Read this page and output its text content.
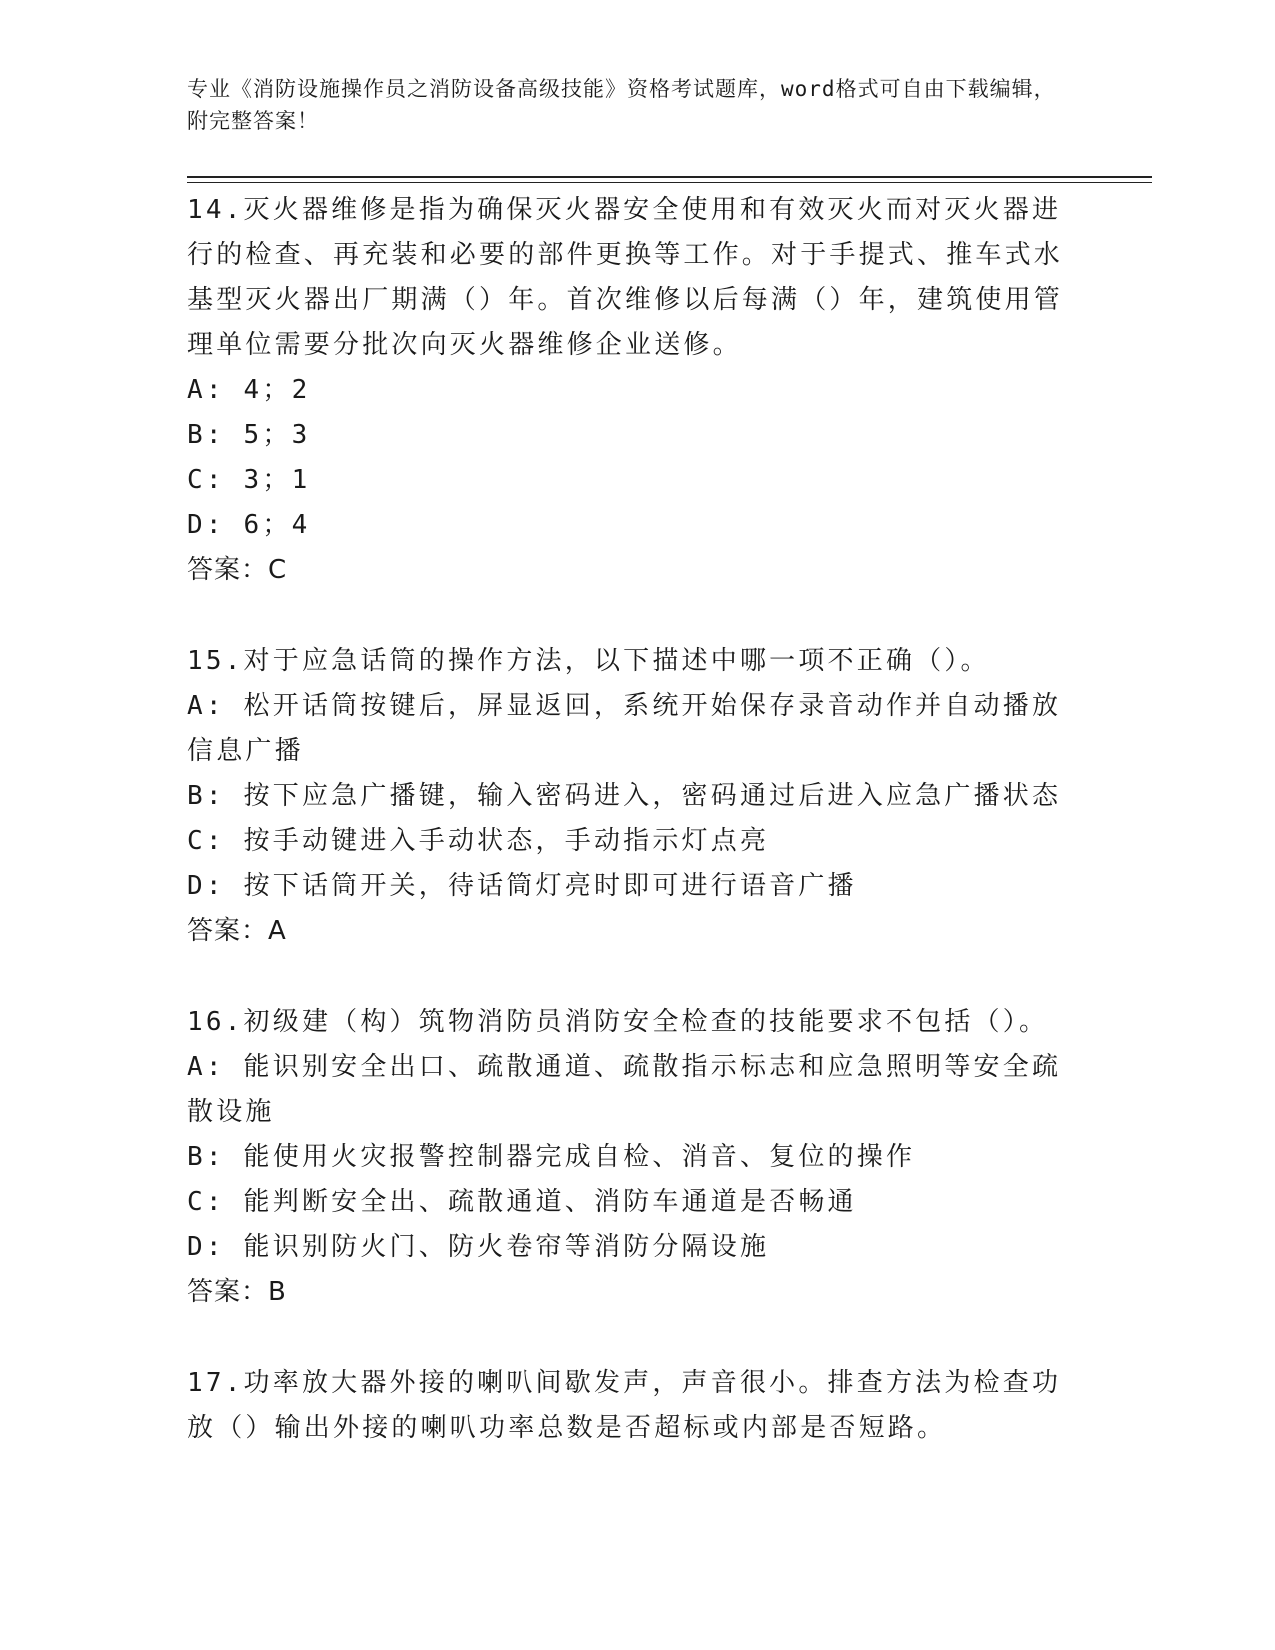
专业《消防设施操作员之消防设备高级技能》资格考试题库，word格式可自由下载编辑，附完整答案！

14.灭火器维修是指为确保灭火器安全使用和有效灭火而对灭火器进行的检查、再充装和必要的部件更换等工作。对于手提式、推车式水基型灭火器出厂期满（）年。首次维修以后每满（）年，建筑使用管理单位需要分批次向灭火器维修企业送修。

A: 4；2

B: 5；3

C: 3；1

D: 6；4

答案：C

15.对于应急话筒的操作方法，以下描述中哪一项不正确（）。

A: 松开话筒按键后，屏显返回，系统开始保存录音动作并自动播放信息广播

B: 按下应急广播键，输入密码进入，密码通过后进入应急广播状态

C: 按手动键进入手动状态，手动指示灯点亮

D: 按下话筒开关，待话筒灯亮时即可进行语音广播

答案：A

16.初级建（构）筑物消防员消防安全检查的技能要求不包括（）。

A: 能识别安全出口、疏散通道、疏散指示标志和应急照明等安全疏散设施

B: 能使用火灾报警控制器完成自检、消音、复位的操作

C: 能判断安全出、疏散通道、消防车通道是否畅通

D: 能识别防火门、防火卷帘等消防分隔设施

答案：B

17.功率放大器外接的喇叭间歇发声，声音很小。排查方法为检查功放（）输出外接的喇叭功率总数是否超标或内部是否短路。
